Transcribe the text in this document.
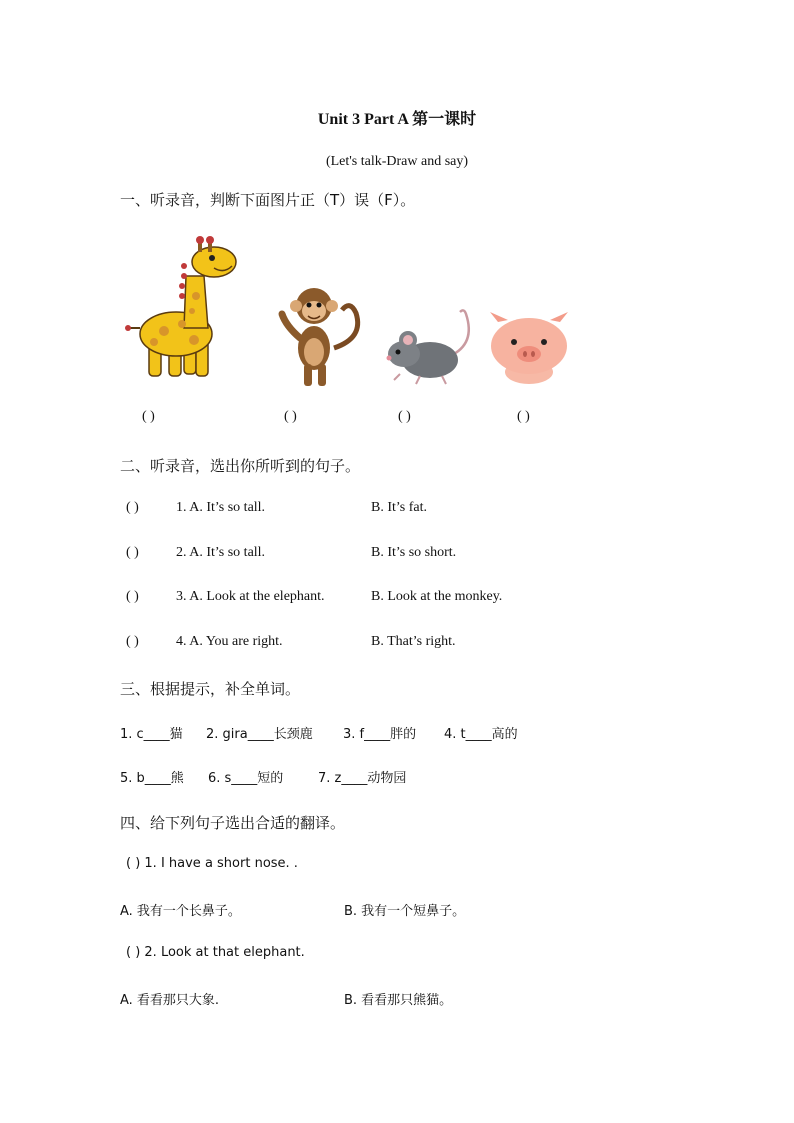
Unit 3 Part A 第一课时
(Let's talk-Draw and say)
一、听录音，判断下面图片正（T）误（F）。
( )	( )	( )	( )
二、听录音，选出你所听到的句子。
( )	1. A. It’s so tall.	B. It’s fat.
( )	2. A. It’s so tall.	B. It’s so short.
( )	3. A. Look at the elephant.	B. Look at the monkey.
( )	4. A. You are right.	B. That’s right.
三、根据提示，补全单词。
1. c____猫 2. gira____长颈鹿 3. f____胖的 4. t____高的
5. b____熊 6. s____短的	7. z____动物园
四、给下列句子选出合适的翻译。
( ) 1. I have a short nose. .
A. 我有一个长鼻子。	B. 我有一个短鼻子。
( ) 2. Look at that elephant.
A. 看看那只大象.	B. 看看那只熊猫。
